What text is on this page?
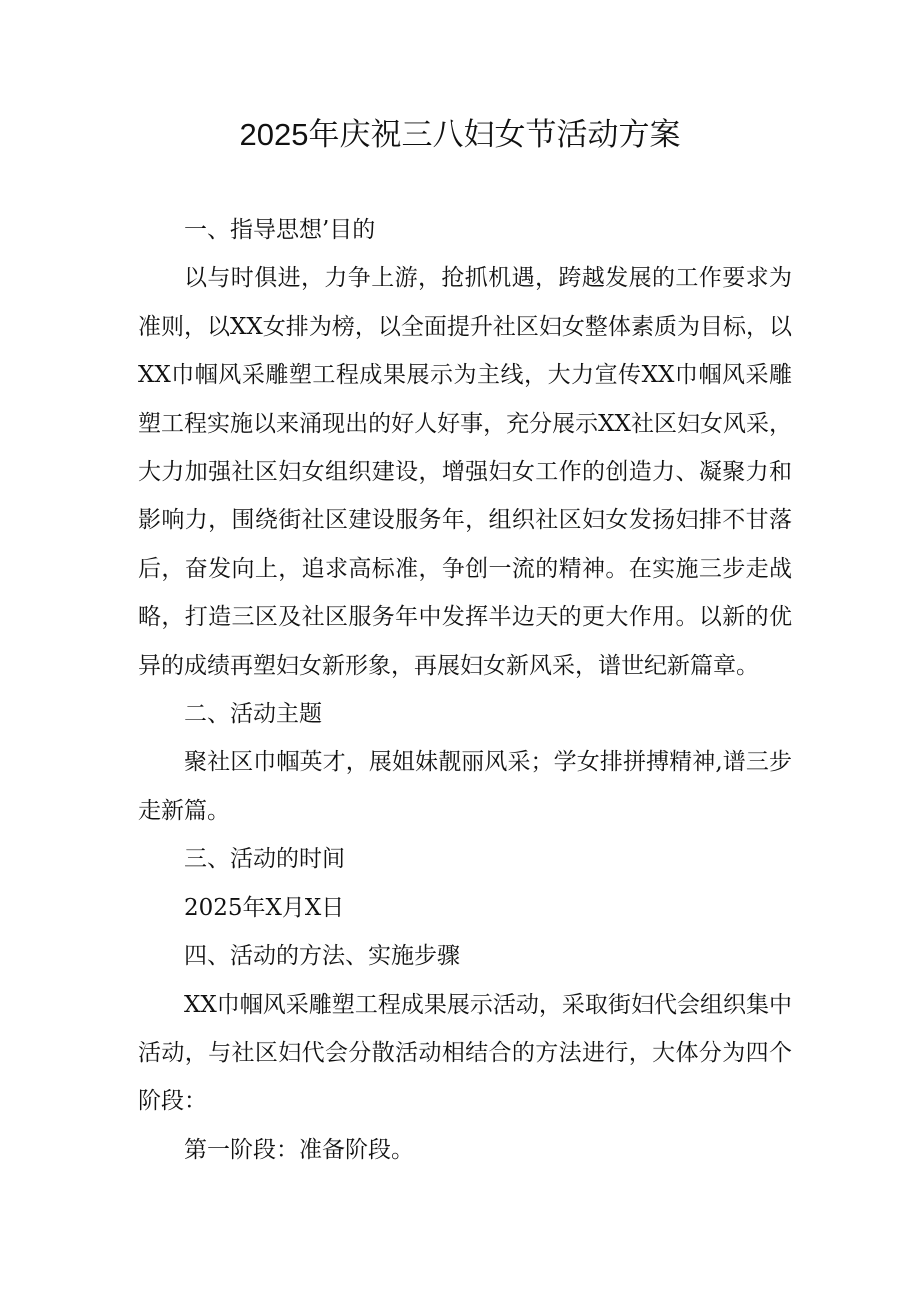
2025年庆祝三八妇女节活动方案

一、指导思想’目的

以与时俱进，力争上游，抢抓机遇，跨越发展的工作要求为准则，以XX女排为榜，以全面提升社区妇女整体素质为目标，以XX巾帼风采雕塑工程成果展示为主线，大力宣传XX巾帼风采雕塑工程实施以来涌现出的好人好事，充分展示XX社区妇女风采，大力加强社区妇女组织建设，增强妇女工作的创造力、凝聚力和影响力，围绕街社区建设服务年，组织社区妇女发扬妇排不甘落后，奋发向上，追求高标准，争创一流的精神。在实施三步走战略，打造三区及社区服务年中发挥半边天的更大作用。以新的优异的成绩再塑妇女新形象，再展妇女新风采，谱世纪新篇章。

二、活动主题

聚社区巾帼英才，展姐妹靓丽风采；学女排拼搏精神,谱三步走新篇。

三、活动的时间

2025年X月X日

四、活动的方法、实施步骤

XX巾帼风采雕塑工程成果展示活动，采取街妇代会组织集中活动，与社区妇代会分散活动相结合的方法进行，大体分为四个阶段：

第一阶段：准备阶段。
